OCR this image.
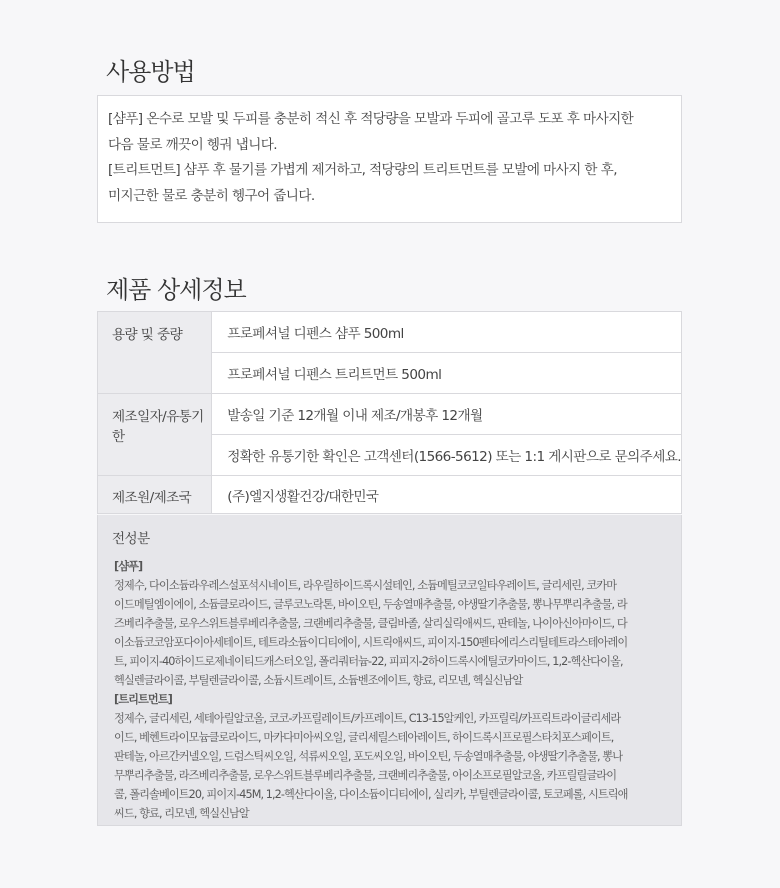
사용방법

[샴푸] 온수로 모발 및 두피를 충분히 적신 후 적당량을 모발과 두피에 골고루 도포 후 마사지한

다음 물로 깨끗이 헹궈 냅니다.

[트리트먼트] 샴푸 후 물기를 가볍게 제거하고, 적당량의 트리트먼트를 모발에 마사지 한 후,

미지근한 물로 충분히 헹구어 줍니다.

제품 상세정보
용량 및 중량	프로페셔널 디펜스 샴푸 500ml
	프로페셔널 디펜스 트리트먼트 500ml
제조일자/유통기한	발송일 기준 12개월 이내 제조/개봉후 12개월
	정확한 유통기한 확인은 고객센터(1566-5612) 또는 1:1 게시판으로 문의주세요.
제조원/제조국	(주)엘지생활건강/대한민국
전성분
[샴푸]
정제수, 다이소듐라우레스설포석시네이트, 라우릴하이드록시설테인, 소듐메틸코코일타우레이트, 글리세린, 코카마
이드메틸엠이에이, 소듐클로라이드, 글루코노락톤, 바이오틴, 두송열매추출물, 야생딸기추출물, 뽕나무뿌리추출물, 라
즈베리추출물, 로우스위트블루베리추출물, 크랜베리추출물, 클림바졸, 살리실릭애씨드, 판테놀, 나이아신아마이드, 다
이소듐코코암포다이아세테이트, 테트라소듐이디티에이, 시트릭애씨드, 피이지-150펜타에리스리틸테트라스테아레이
트, 피이지-40하이드로제네이티드캐스터오일, 폴리쿼터늄-22, 피피지-2하이드록시에틸코카마이드, 1,2-헥산다이올,
헥실렌글라이콜, 부틸렌글라이콜, 소듐시트레이트, 소듐벤조에이트, 향료, 리모넨, 헥실신남알
[트리트먼트]
정제수, 글리세린, 세테아릴알코올, 코코-카프릴레이트/카프레이트, C13-15알케인, 카프릴릭/카프릭트라이글리세라
이드, 베헨트라이모늄클로라이드, 마카다미아씨오일, 글리세릴스테아레이트, 하이드록시프로필스타치포스페이트,
판테놀, 아르간커넬오일, 드럼스틱씨오일, 석류씨오일, 포도씨오일, 바이오틴, 두송열매추출물, 야생딸기추출물, 뽕나
무뿌리추출물, 라즈베리추출물, 로우스위트블루베리추출물, 크랜베리추출물, 아이소프로필알코올, 카프릴릴글라이
콜, 폴리솔베이트20, 피이지-45M, 1,2-헥산다이올, 다이소듐이디티에이, 실리카, 부틸렌글라이콜, 토코페롤, 시트릭애
씨드, 향료, 리모넨, 헥실신남알
